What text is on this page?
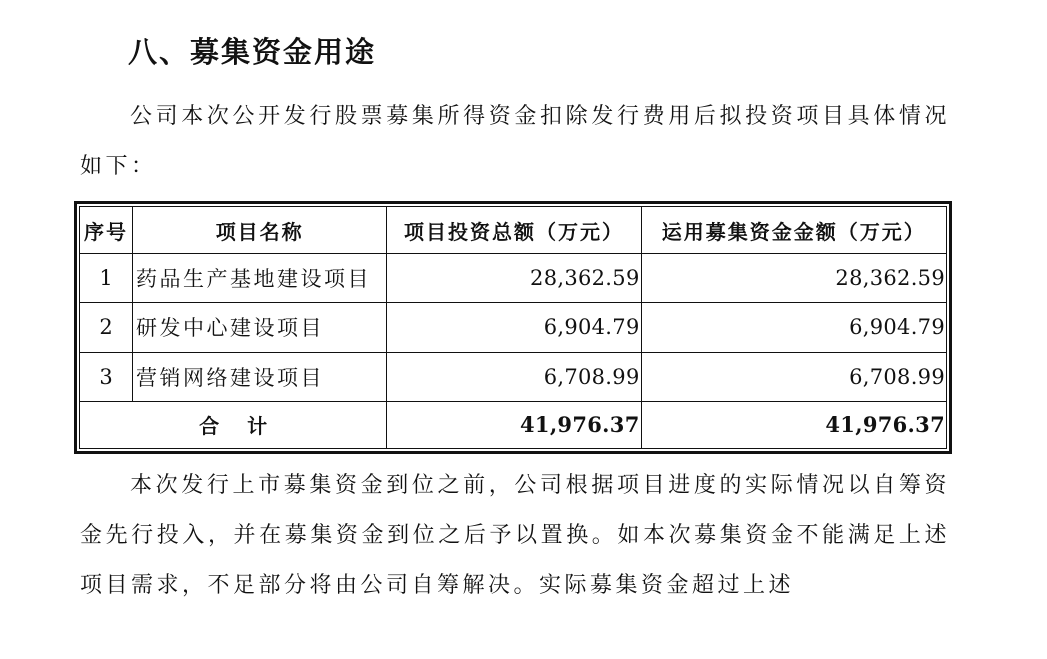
八、募集资金用途

公司本次公开发行股票募集所得资金扣除发行费用后拟投资项目具体情况如下：

序号	项目名称	项目投资总额（万元）	运用募集资金金额（万元）
1	药品生产基地建设项目	28,362.59	28,362.59
2	研发中心建设项目	6,904.79	6,904.79
3	营销网络建设项目	6,708.99	6,708.99
合计		41,976.37	41,976.37

本次发行上市募集资金到位之前，公司根据项目进度的实际情况以自筹资金先行投入，并在募集资金到位之后予以置换。如本次募集资金不能满足上述项目需求，不足部分将由公司自筹解决。实际募集资金超过上述
